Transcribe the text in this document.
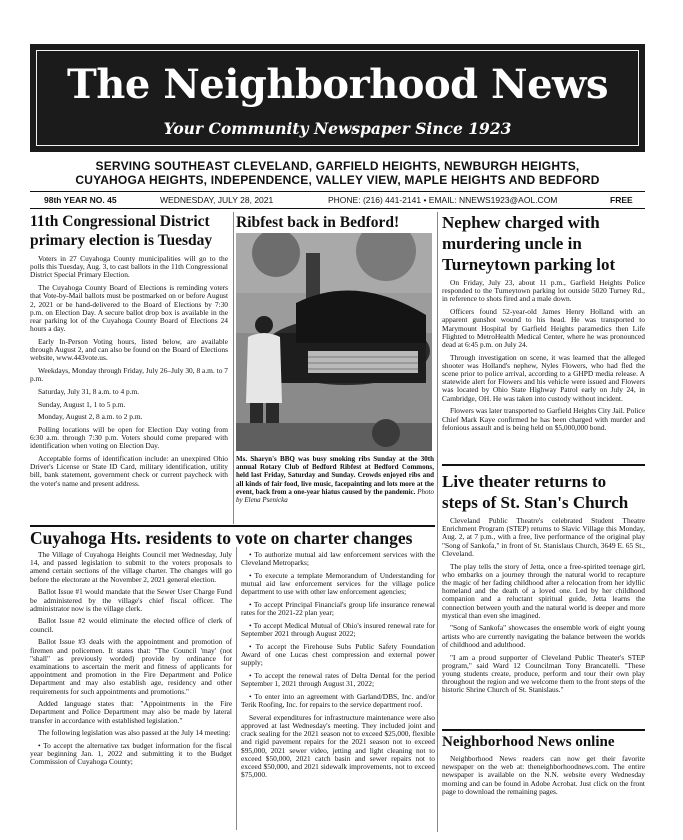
The Neighborhood News
Your Community Newspaper Since 1923
SERVING SOUTHEAST CLEVELAND, GARFIELD HEIGHTS, NEWBURGH HEIGHTS,
CUYAHOGA HEIGHTS, INDEPENDENCE, VALLEY VIEW, MAPLE HEIGHTS AND BEDFORD
98th YEAR NO. 45	WEDNESDAY, JULY 28, 2021	PHONE: (216) 441-2141 • EMAIL: NNEWS1923@AOL.COM	FREE
11th Congressional District primary election is Tuesday

Voters in 27 Cuyahoga County municipalities will go to the polls this Tuesday, Aug. 3, to cast ballots in the 11th Congressional District Special Primary Election.

The Cuyahoga County Board of Elections is reminding voters that Vote-by-Mail ballots must be postmarked on or before August 2, 2021 or be hand-delivered to the Board of Elections by 7:30 p.m. on Election Day. A secure ballot drop box is available in the rear parking lot of the Cuyahoga County Board of Elections 24 hours a day.

Early In-Person Voting hours, listed below, are available through August 2, and can also be found on the Board of Elections website, www.443vote.us.

Weekdays, Monday through Friday, July 26–July 30, 8 a.m. to 7 p.m.

Saturday, July 31, 8 a.m. to 4 p.m.

Sunday, August 1, 1 to 5 p.m.

Monday, August 2, 8 a.m. to 2 p.m.

Polling locations will be open for Election Day voting from 6:30 a.m. through 7:30 p.m. Voters should come prepared with identification when voting on Election Day.

Acceptable forms of identification include: an unexpired Ohio Driver's License or State ID Card, military identification, utility bill, bank statement, government check or current paycheck with the voter's name and present address.

Ribfest back in Bedford!
Ms. Sharyn's BBQ was busy smoking ribs Sunday at the 30th annual Rotary Club of Bedford Ribfest at Bedford Commons, held last Friday, Saturday and Sunday. Crowds enjoyed ribs and all kinds of fair food, live music, facepainting and lots more at the event, back from a one-year hiatus caused by the pandemic. Photo by Elena Psenicka
Nephew charged with murdering uncle in Turneytown parking lot

On Friday, July 23, about 11 p.m., Garfield Heights Police responded to the Turneytown parking lot outside 5020 Turney Rd., in reference to shots fired and a male down.

Officers found 52-year-old James Henry Holland with an apparent gunshot wound to his head. He was transported to Marymount Hospital by Garfield Heights paramedics then Life Flighted to MetroHealth Medical Center, where he was pronounced dead at 6:45 p.m. on July 24.

Through investigation on scene, it was learned that the alleged shooter was Holland's nephew, Nyles Flowers, who had fled the scene prior to police arrival, according to a GHPD media release. A statewide alert for Flowers and his vehicle were issued and Flowers was located by Ohio State Highway Patrol early on July 24, in Cambridge, OH. He was taken into custody without incident.

Flowers was later transported to Garfield Heights City Jail. Police Chief Mark Kaye confirmed he has been charged with murder and felonious assault and is being held on $5,000,000 bond.

Live theater returns to steps of St. Stan's Church

Cleveland Public Theatre's celebrated Student Theatre Enrichment Program (STEP) returns to Slavic Village this Monday, Aug. 2, at 7 p.m., with a free, live performance of the original play "Song of Sankofa," in front of St. Stanislaus Church, 3649 E. 65 St., Cleveland.

The play tells the story of Jetta, once a free-spirited teenage girl, who embarks on a journey through the natural world to recapture the magic of her fading childhood after a relocation from her idyllic homeland and the death of a loved one. Led by her childhood companion and a reluctant spiritual guide, Jetta learns the connection between youth and the natural world is deeper and more mystical than even she imagined.

"Song of Sankofa" showcases the ensemble work of eight young artists who are currently navigating the balance between the worlds of childhood and adulthood.

"I am a proud supporter of Cleveland Public Theater's STEP program," said Ward 12 Councilman Tony Brancatelli. "These young students create, produce, perform and tour their own play throughout the region and we welcome them to the front steps of the historic Shrine Church of St. Stanislaus."

Neighborhood News online

Neighborhood News readers can now get their favorite newspaper on the web at: theneighborhoodnews.com. The entire newspaper is available on the N.N. website every Wednesday morning and can be found in Adobe Acrobat. Just click on the front page to download the remaining pages.

Cuyahoga Hts. residents to vote on charter changes

The Village of Cuyahoga Heights Council met Wednesday, July 14, and passed legislation to submit to the voters proposals to amend certain sections of the village charter. The changes will go before the electorate at the November 2, 2021 general election.

Ballot Issue #1 would mandate that the Sewer User Charge Fund be administered by the village's chief fiscal officer. The administrator now is the village clerk.

Ballot Issue #2 would eliminate the elected office of clerk of council.

Ballot Issue #3 deals with the appointment and promotion of firemen and policemen. It states that: "The Council 'may' (not "shall" as previously worded) provide by ordinance for examinations to ascertain the merit and fitness of applicants for appointment and promotion in the Fire Department and Police Department and may also establish age, residency and other requirements for such appointments and promotions."

Added language states that: "Appointments in the Fire Department and Police Department may also be made by lateral transfer in accordance with established legislation."

The following legislation was also passed at the July 14 meeting:

• To accept the alternative tax budget information for the fiscal year beginning Jan. 1, 2022 and submitting it to the Budget Commission of Cuyahoga County;

• To authorize mutual aid law enforcement services with the Cleveland Metroparks;

• To execute a template Memorandum of Understanding for mutual aid law enforcement services for the village police department to use with other law enforcement agencies;

• To accept Principal Financial's group life insurance renewal rates for the 2021-22 plan year;

• To accept Medical Mutual of Ohio's insured renewal rate for September 2021 through August 2022;

• To accept the Firehouse Subs Public Safety Foundation Award of one Lucas chest compression and external power supply;

• To accept the renewal rates of Delta Dental for the period September 1, 2021 through August 31, 2022;

• To enter into an agreement with Garland/DBS, Inc. and/or Terik Roofing, Inc. for repairs to the service department roof.

Several expenditures for infrastructure maintenance were also approved at last Wednesday's meeting. They included joint and crack sealing for the 2021 season not to exceed $25,000, flexible and rigid pavement repairs for the 2021 season not to exceed $95,000, 2021 sewer video, jetting and light cleaning not to exceed $50,000, 2021 catch basin and sewer repairs not to exceed $50,000, and 2021 sidewalk improvements, not to exceed $75,000.
